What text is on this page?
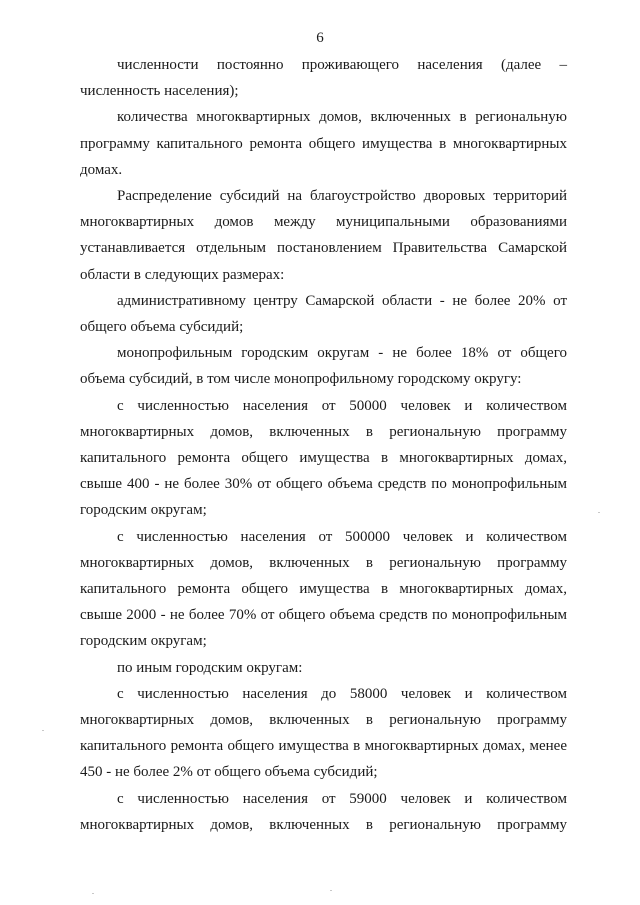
6

численности постоянно проживающего населения (далее – численность населения);

количества многоквартирных домов, включенных в региональную программу капитального ремонта общего имущества в многоквартирных домах.

Распределение субсидий на благоустройство дворовых территорий многоквартирных домов между муниципальными образованиями устанавливается отдельным постановлением Правительства Самарской области в следующих размерах:

административному центру Самарской области - не более 20% от общего объема субсидий;

монопрофильным городским округам - не более 18% от общего объема субсидий, в том числе монопрофильному городскому округу:

с численностью населения от 50000 человек и количеством многоквартирных домов, включенных в региональную программу капитального ремонта общего имущества в многоквартирных домах, свыше 400 - не более 30% от общего объема средств по монопрофильным городским округам;

с численностью населения от 500000 человек и количеством многоквартирных домов, включенных в региональную программу капитального ремонта общего имущества в многоквартирных домах, свыше 2000 - не более 70% от общего объема средств по монопрофильным городским округам;

по иным городским округам:

с численностью населения до 58000 человек и количеством многоквартирных домов, включенных в региональную программу капитального ремонта общего имущества в многоквартирных домах, менее 450 - не более 2% от общего объема субсидий;

с численностью населения от 59000 человек и количеством многоквартирных домов, включенных в региональную программу
